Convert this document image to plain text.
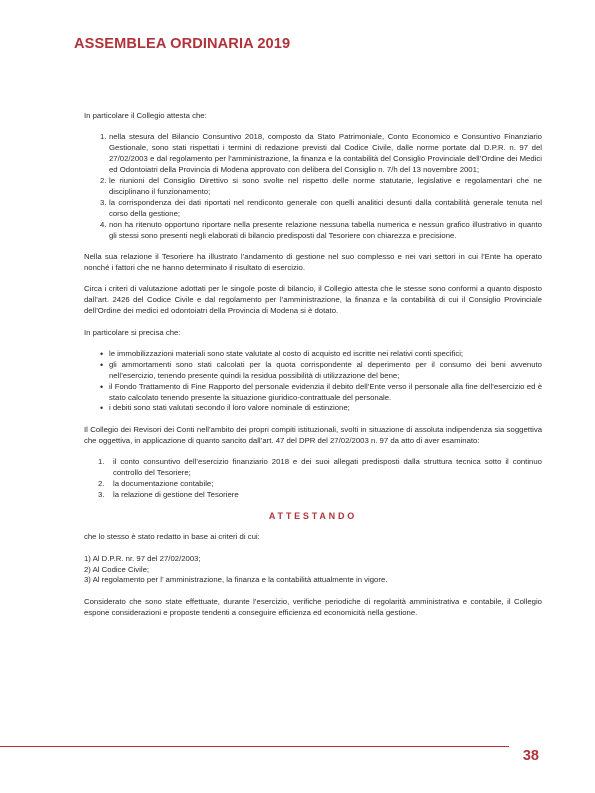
ASSEMBLEA ORDINARIA 2019

In particolare il Collegio attesta che:

1. nella stesura del Bilancio Consuntivo 2018, composto da Stato Patrimoniale, Conto Economico e Consuntivo Finanziario Gestionale, sono stati rispettati i termini di redazione previsti dal Codice Civile, dalle norme portate dal D.P.R. n. 97 del 27/02/2003 e dal regolamento per l’amministrazione, la finanza e la contabilità del Consiglio Provinciale dell’Ordine dei Medici ed Odontoiatri della Provincia di Modena approvato con delibera del Consiglio n. 7/h del 13 novembre 2001;
2. le riunioni del Consiglio Direttivo si sono svolte nel rispetto delle norme statutarie, legislative e regolamentari che ne disciplinano il funzionamento;
3. la corrispondenza dei dati riportati nel rendiconto generale con quelli analitici desunti dalla contabilità generale tenuta nel corso della gestione;
4. non ha ritenuto opportuno riportare nella presente relazione nessuna tabella numerica e nessun grafico illustrativo in quanto gli stessi sono presenti negli elaborati di bilancio predisposti dal Tesoriere con chiarezza e precisione.

Nella sua relazione il Tesoriere ha illustrato l’andamento di gestione nel suo complesso e nei vari settori in cui l’Ente ha operato nonché i fattori che ne hanno determinato il risultato di esercizio.

Circa i criteri di valutazione adottati per le singole poste di bilancio, il Collegio attesta che le stesse sono conformi a quanto disposto dall’art. 2426 del Codice Civile e dal regolamento per l’amministrazione, la finanza e la contabilità di cui il Consiglio Provinciale dell’Ordine dei medici ed odontoiatri della Provincia di Modena si è dotato.

In particolare si precisa che:

• le immobilizzazioni materiali sono state valutate al costo di acquisto ed iscritte nei relativi conti specifici;
• gli ammortamenti sono stati calcolati per la quota corrispondente al deperimento per il consumo dei beni avvenuto nell’esercizio, tenendo presente quindi la residua possibilità di utilizzazione del bene;
• il Fondo Trattamento di Fine Rapporto del personale evidenzia il debito dell’Ente verso il personale alla fine dell’esercizio ed è stato calcolato tenendo presente la situazione giuridico-contrattuale del personale.
• i debiti sono stati valutati secondo il loro valore nominale di estinzione;

Il Collegio dei Revisori dei Conti nell’ambito dei propri compiti istituzionali, svolti in situazione di assoluta indipendenza sia soggettiva che oggettiva, in applicazione di quanto sancito dall’art. 47 del DPR del 27/02/2003 n. 97 da atto di aver esaminato:

1. il conto consuntivo dell’esercizio finanziario 2018 e dei suoi allegati predisposti dalla struttura tecnica sotto il continuo controllo del Tesoriere;
2. la documentazione contabile;
3. la relazione di gestione del Tesoriere
ATTESTANDO

che lo stesso è stato redatto in base ai criteri di cui:

1) Al D.P.R. nr. 97 del 27/02/2003;
2) Al Codice Civile;
3) Al regolamento per l’ amministrazione, la finanza e la contabilità attualmente in vigore.

Considerato che sono state effettuate, durante l’esercizio, verifiche periodiche di regolarità amministrativa e contabile, il Collegio espone considerazioni e proposte tendenti a conseguire efficienza ed economicità nella gestione.

38
